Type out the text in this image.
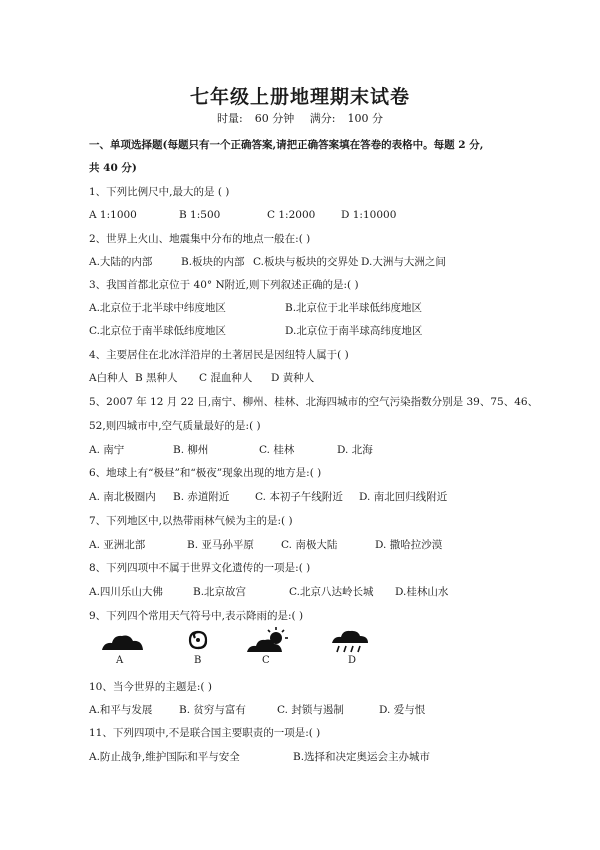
七年级上册地理期末试卷
时量: 60 分钟 满分: 100 分
一、单项选择题(每题只有一个正确答案,请把正确答案填在答卷的表格中。每题 2 分,
共 40 分)
1、下列比例尺中,最大的是 ( )
A 1:1000	B 1:500	C 1:2000 D 1:10000
2、世界上火山、地震集中分布的地点一般在:( )
A.大陆的内部	B.板块的内部 C.板块与板块的交界处 D.大洲与大洲之间
3、我国首都北京位于 40° N附近,则下列叙述正确的是:( )
A.北京位于北半球中纬度地区	B.北京位于北半球低纬度地区
C.北京位于南半球低纬度地区	D.北京位于南半球高纬度地区
4、主要居住在北冰洋沿岸的土著居民是因纽特人属于( )
A白种人 B 黑种人 C 混血种人 D 黄种人
5、2007 年 12 月 22 日,南宁、柳州、桂林、北海四城市的空气污染指数分别是 39、75、46、
52,则四城市中,空气质量最好的是:( )
A. 南宁	B. 柳州	C. 桂林	D. 北海
6、地球上有“极昼”和“极夜”现象出现的地方是:( )
A. 南北极圈内 B. 赤道附近 C. 本初子午线附近 D. 南北回归线附近
7、下列地区中,以热带雨林气候为主的是:( )
A. 亚洲北部	B. 亚马孙平原	C. 南极大陆	D. 撒哈拉沙漠
8、下列四项中不属于世界文化遗传的一项是:( )
A.四川乐山大佛	B.北京故宫	C.北京八达岭长城 D.桂林山水
9、下列四个常用天气符号中,表示降雨的是:( )
A	B	C	D
10、当今世界的主题是:( )
A.和平与发展	B. 贫穷与富有	C. 封锁与遏制	D. 爱与恨
11、下列四项中,不是联合国主要职责的一项是:( )
A.防止战争,维护国际和平与安全	B.选择和决定奥运会主办城市
